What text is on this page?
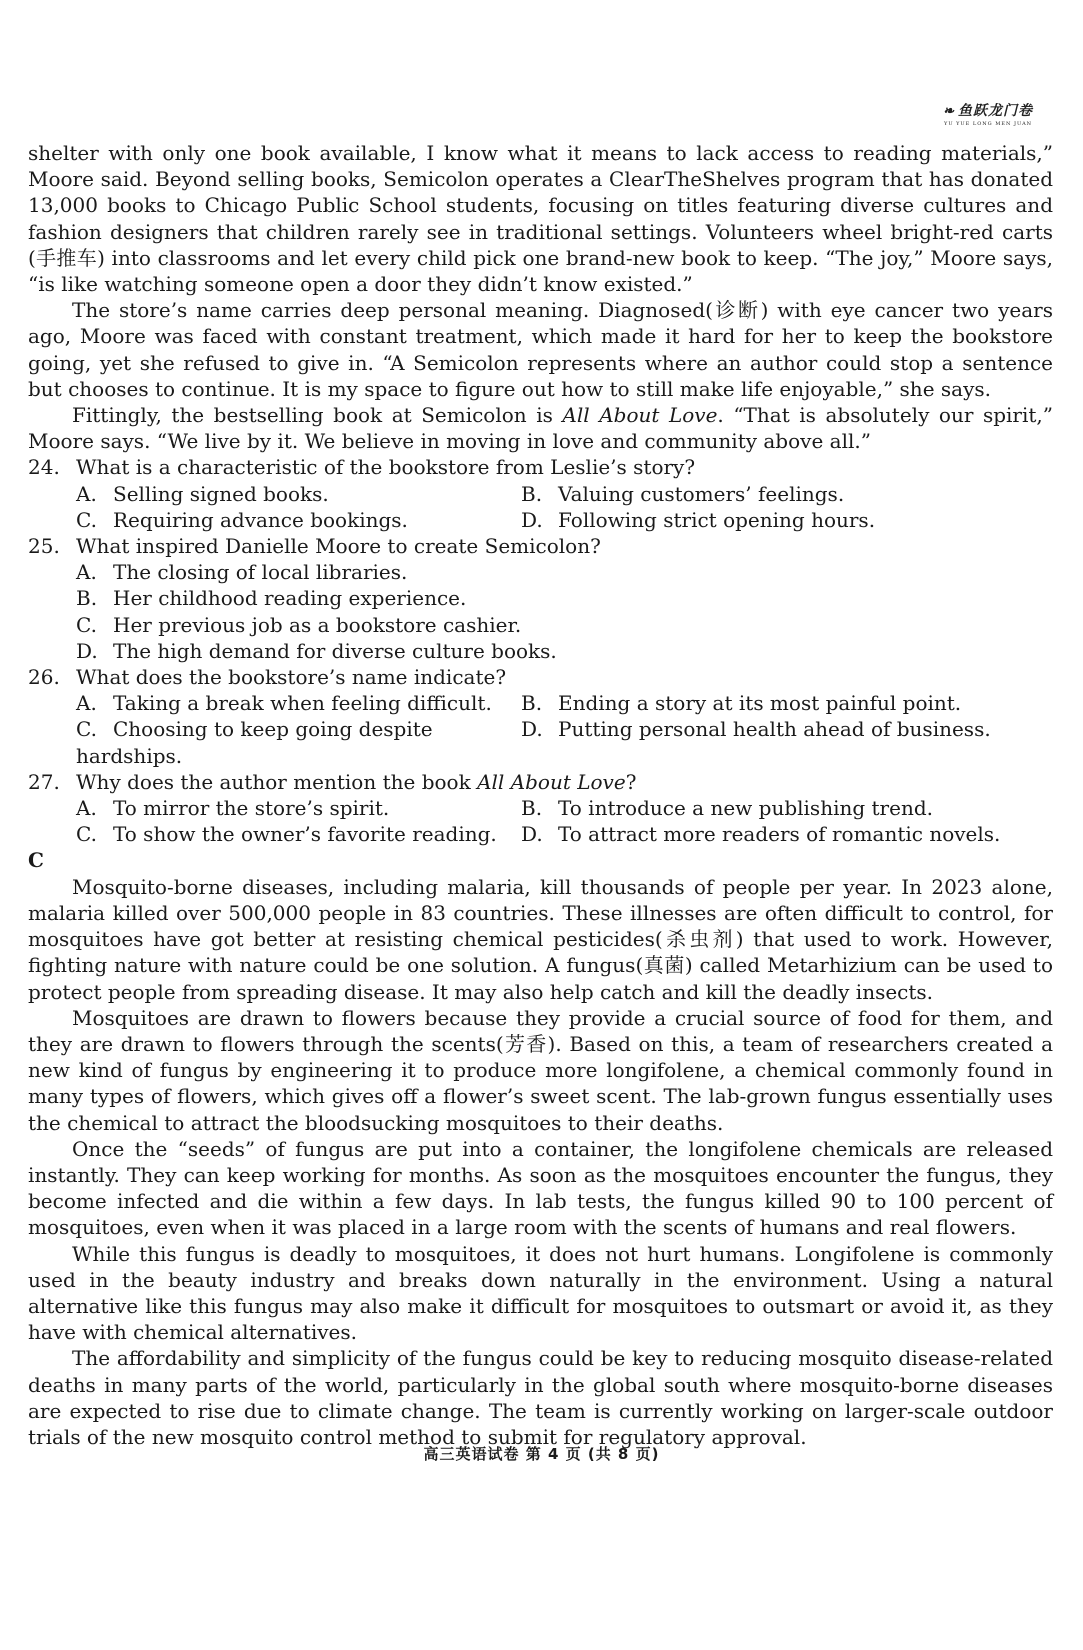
❧ 鱼跃龙门卷
YU YUE LONG MEN JUAN

shelter with only one book available, I know what it means to lack access to reading materials,” Moore said. Beyond selling books, Semicolon operates a ClearTheShelves program that has donated 13,000 books to Chicago Public School students, focusing on titles featuring diverse cultures and fashion designers that children rarely see in traditional settings. Volunteers wheel bright-red carts (手推车) into classrooms and let every child pick one brand-new book to keep. “The joy,” Moore says, “is like watching someone open a door they didn’t know existed.”

The store’s name carries deep personal meaning. Diagnosed(诊断) with eye cancer two years ago, Moore was faced with constant treatment, which made it hard for her to keep the bookstore going, yet she refused to give in. “A Semicolon represents where an author could stop a sentence but chooses to continue. It is my space to figure out how to still make life enjoyable,” she says.

Fittingly, the bestselling book at Semicolon is All About Love. “That is absolutely our spirit,” Moore says. “We live by it. We believe in moving in love and community above all.”

24. What is a characteristic of the bookstore from Leslie’s story?
A. Selling signed books.	B. Valuing customers’ feelings.
C. Requiring advance bookings.	D. Following strict opening hours.
25. What inspired Danielle Moore to create Semicolon?
A. The closing of local libraries.
B. Her childhood reading experience.
C. Her previous job as a bookstore cashier.
D. The high demand for diverse culture books.
26. What does the bookstore’s name indicate?
A. Taking a break when feeling difficult.	B. Ending a story at its most painful point.
C. Choosing to keep going despite hardships.
D. Putting personal health ahead of business.
27. Why does the author mention the book All About Love?
A. To mirror the store’s spirit.	B. To introduce a new publishing trend.
C. To show the owner’s favorite reading.	D. To attract more readers of romantic novels.

C

Mosquito-borne diseases, including malaria, kill thousands of people per year. In 2023 alone, malaria killed over 500,000 people in 83 countries. These illnesses are often difficult to control, for mosquitoes have got better at resisting chemical pesticides(杀虫剂) that used to work. However, fighting nature with nature could be one solution. A fungus(真菌) called Metarhizium can be used to protect people from spreading disease. It may also help catch and kill the deadly insects.

Mosquitoes are drawn to flowers because they provide a crucial source of food for them, and they are drawn to flowers through the scents(芳香). Based on this, a team of researchers created a new kind of fungus by engineering it to produce more longifolene, a chemical commonly found in many types of flowers, which gives off a flower’s sweet scent. The lab-grown fungus essentially uses the chemical to attract the bloodsucking mosquitoes to their deaths.

Once the “seeds” of fungus are put into a container, the longifolene chemicals are released instantly. They can keep working for months. As soon as the mosquitoes encounter the fungus, they become infected and die within a few days. In lab tests, the fungus killed 90 to 100 percent of mosquitoes, even when it was placed in a large room with the scents of humans and real flowers.

While this fungus is deadly to mosquitoes, it does not hurt humans. Longifolene is commonly used in the beauty industry and breaks down naturally in the environment. Using a natural alternative like this fungus may also make it difficult for mosquitoes to outsmart or avoid it, as they have with chemical alternatives.

The affordability and simplicity of the fungus could be key to reducing mosquito disease-related deaths in many parts of the world, particularly in the global south where mosquito-borne diseases are expected to rise due to climate change. The team is currently working on larger-scale outdoor trials of the new mosquito control method to submit for regulatory approval.

高三英语试卷 第 4 页 (共 8 页)
